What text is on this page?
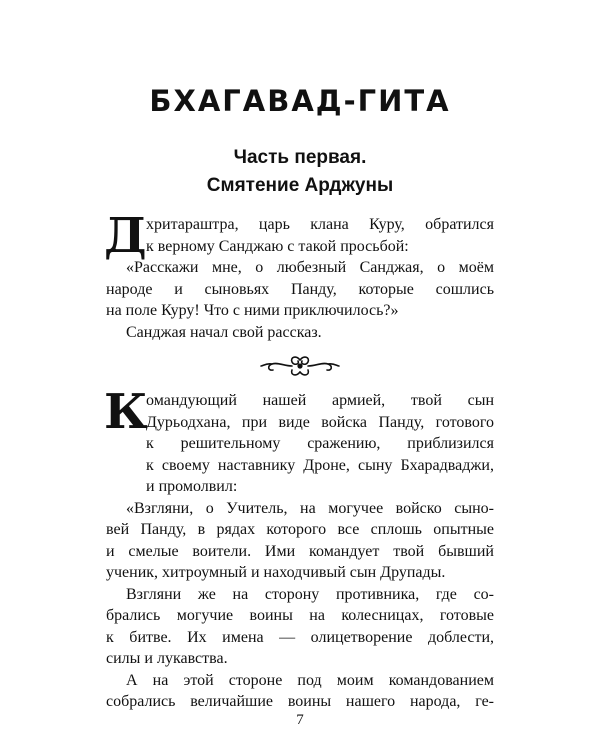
БХАГАВАД-ГИТА
Часть первая.
Смятение Арджуны
Д хритараштра, царь клана Куру, обратился
к верному Санджаю с такой просьбой:
«Расскажи мне, о любезный Санджая, о моём
народе и сыновьях Панду, которые сошлись
на поле Куру! Что с ними приключилось?»
Санджая начал свой рассказ.
К
омандующий нашей армией, твой сын
Дурьодхана, при виде войска Панду, готового
к решительному сражению, приблизился
к своему наставнику Дроне, сыну Бхарадваджи,
и промолвил:
«Взгляни, о Учитель, на могучее войско сыно-
вей Панду, в рядах которого все сплошь опытные
и смелые воители. Ими командует твой бывший
ученик, хитроумный и находчивый сын Друпады.
Взгляни же на сторону противника, где со-
брались могучие воины на колесницах, готовые
к битве. Их имена — олицетворение доблести,
силы и лукавства.
А на этой стороне под моим командованием
собрались величайшие воины нашего народа, ге-
7
